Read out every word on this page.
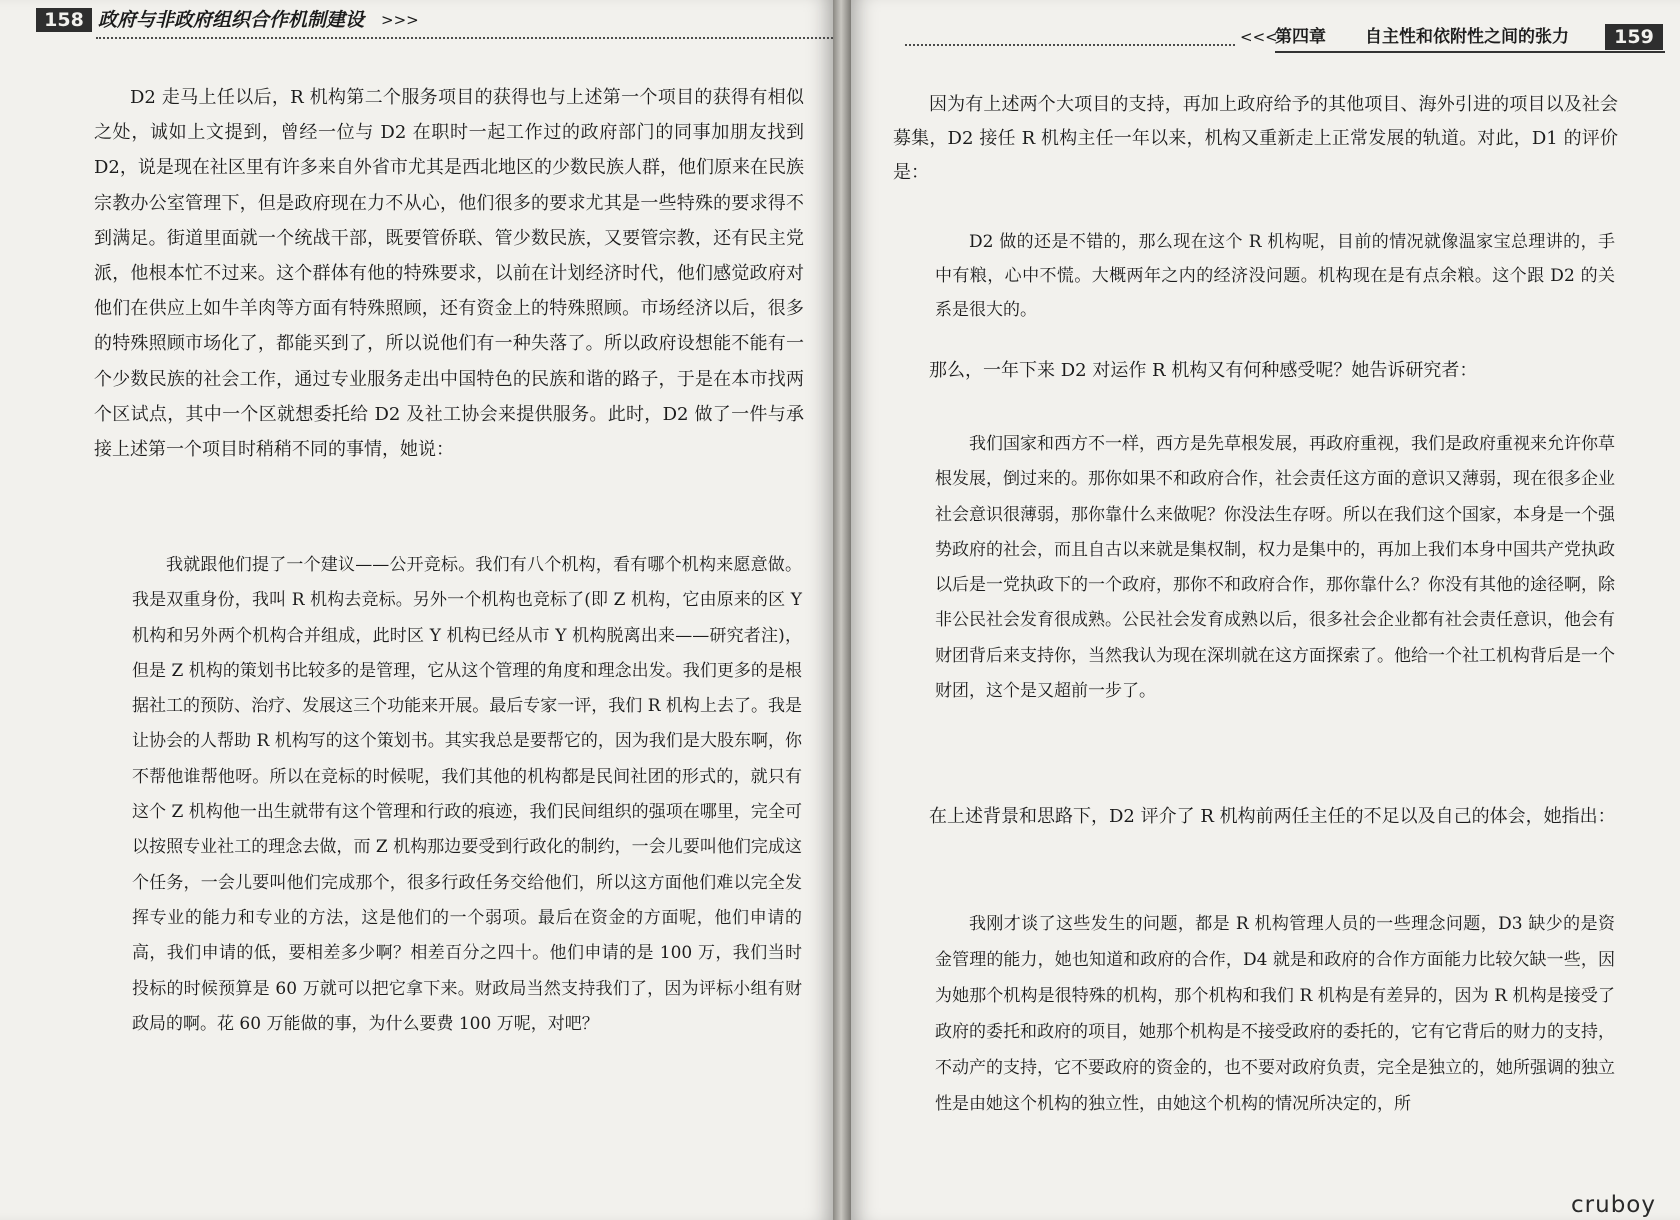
158 政府与非政府组织合作机制建设 >>>
D2 走马上任以后，R 机构第二个服务项目的获得也与上述第一个项目的获得有相似之处，诚如上文提到，曾经一位与 D2 在职时一起工作过的政府部门的同事加朋友找到 D2，说是现在社区里有许多来自外省市尤其是西北地区的少数民族人群，他们原来在民族宗教办公室管理下，但是政府现在力不从心，他们很多的要求尤其是一些特殊的要求得不到满足。街道里面就一个统战干部，既要管侨联、管少数民族，又要管宗教，还有民主党派，他根本忙不过来。这个群体有他的特殊要求，以前在计划经济时代，他们感觉政府对他们在供应上如牛羊肉等方面有特殊照顾，还有资金上的特殊照顾。市场经济以后，很多的特殊照顾市场化了，都能买到了，所以说他们有一种失落了。所以政府设想能不能有一个少数民族的社会工作，通过专业服务走出中国特色的民族和谐的路子，于是在本市找两个区试点，其中一个区就想委托给 D2 及社工协会来提供服务。此时，D2 做了一件与承接上述第一个项目时稍稍不同的事情，她说：
我就跟他们提了一个建议——公开竞标。我们有八个机构，看有哪个机构来愿意做。我是双重身份，我叫 R 机构去竞标。另外一个机构也竞标了(即 Z 机构，它由原来的区 Y 机构和另外两个机构合并组成，此时区 Y 机构已经从市 Y 机构脱离出来——研究者注)，但是 Z 机构的策划书比较多的是管理，它从这个管理的角度和理念出发。我们更多的是根据社工的预防、治疗、发展这三个功能来开展。最后专家一评，我们 R 机构上去了。我是让协会的人帮助 R 机构写的这个策划书。其实我总是要帮它的，因为我们是大股东啊，你不帮他谁帮他呀。所以在竞标的时候呢，我们其他的机构都是民间社团的形式的，就只有这个 Z 机构他一出生就带有这个管理和行政的痕迹，我们民间组织的强项在哪里，完全可以按照专业社工的理念去做，而 Z 机构那边要受到行政化的制约，一会儿要叫他们完成这个任务，一会儿要叫他们完成那个，很多行政任务交给他们，所以这方面他们难以完全发挥专业的能力和专业的方法，这是他们的一个弱项。最后在资金的方面呢，他们申请的高，我们申请的低，要相差多少啊？相差百分之四十。他们申请的是 100 万，我们当时投标的时候预算是 60 万就可以把它拿下来。财政局当然支持我们了，因为评标小组有财政局的啊。花 60 万能做的事，为什么要费 100 万呢，对吧？
<<<
第四章 自主性和依附性之间的张力	159
因为有上述两个大项目的支持，再加上政府给予的其他项目、海外引进的项目以及社会募集，D2 接任 R 机构主任一年以来，机构又重新走上正常发展的轨道。对此，D1 的评价是：
D2 做的还是不错的，那么现在这个 R 机构呢，目前的情况就像温家宝总理讲的，手中有粮，心中不慌。大概两年之内的经济没问题。机构现在是有点余粮。这个跟 D2 的关系是很大的。
那么，一年下来 D2 对运作 R 机构又有何种感受呢？她告诉研究者：
我们国家和西方不一样，西方是先草根发展，再政府重视，我们是政府重视来允许你草根发展，倒过来的。那你如果不和政府合作，社会责任这方面的意识又薄弱，现在很多企业社会意识很薄弱，那你靠什么来做呢？你没法生存呀。所以在我们这个国家，本身是一个强势政府的社会，而且自古以来就是集权制，权力是集中的，再加上我们本身中国共产党执政以后是一党执政下的一个政府，那你不和政府合作，那你靠什么？你没有其他的途径啊，除非公民社会发育很成熟。公民社会发育成熟以后，很多社会企业都有社会责任意识，他会有财团背后来支持你，当然我认为现在深圳就在这方面探索了。他给一个社工机构背后是一个财团，这个是又超前一步了。
在上述背景和思路下，D2 评介了 R 机构前两任主任的不足以及自己的体会，她指出：
我刚才谈了这些发生的问题，都是 R 机构管理人员的一些理念问题，D3 缺少的是资金管理的能力，她也知道和政府的合作，D4 就是和政府的合作方面能力比较欠缺一些，因为她那个机构是很特殊的机构，那个机构和我们 R 机构是有差异的，因为 R 机构是接受了政府的委托和政府的项目，她那个机构是不接受政府的委托的，它有它背后的财力的支持，不动产的支持，它不要政府的资金的，也不要对政府负责，完全是独立的，她所强调的独立性是由她这个机构的独立性，由她这个机构的情况所决定的，所
cruboy
